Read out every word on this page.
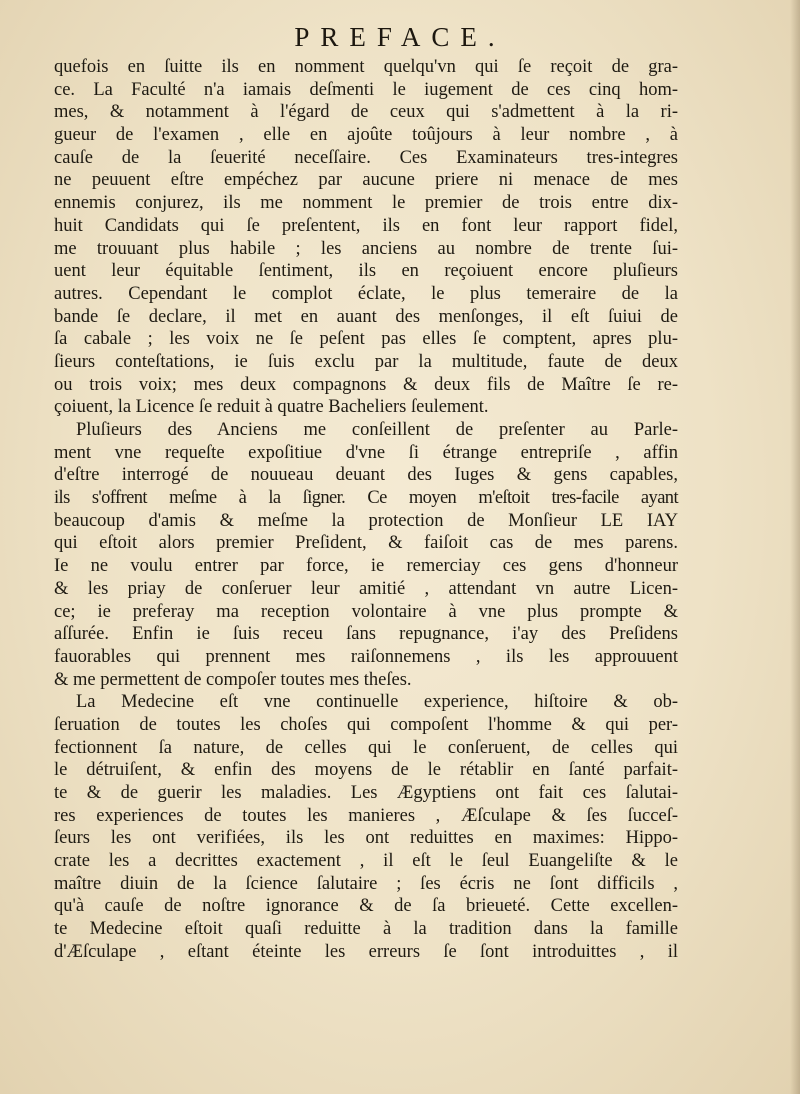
PREFACE.
quefois en ſuitte ils en nomment quelqu'vn qui ſe reçoit de gra-
ce. La Faculté n'a iamais deſmenti le iugement de ces cinq hom-
mes, & notamment à l'égard de ceux qui s'admettent à la ri-
gueur de l'examen , elle en ajoûte toûjours à leur nombre , à
cauſe de la ſeuerité neceſſaire. Ces Examinateurs tres-integres
ne peuuent eſtre empéchez par aucune priere ni menace de mes
ennemis conjurez, ils me nomment le premier de trois entre dix-
huit Candidats qui ſe preſentent, ils en font leur rapport fidel,
me trouuant plus habile ; les anciens au nombre de trente ſui-
uent leur équitable ſentiment, ils en reçoiuent encore pluſieurs
autres. Cependant le complot éclate, le plus temeraire de la
bande ſe declare, il met en auant des menſonges, il eſt ſuiui de
ſa cabale ; les voix ne ſe peſent pas elles ſe comptent, apres plu-
ſieurs conteſtations, ie ſuis exclu par la multitude, faute de deux
ou trois voix; mes deux compagnons & deux fils de Maître ſe re-
çoiuent, la Licence ſe reduit à quatre Bacheliers ſeulement.
Pluſieurs des Anciens me conſeillent de preſenter au Parle-
ment vne requeſte expoſitiue d'vne ſi étrange entrepriſe , affin
d'eſtre interrogé de nouueau deuant des Iuges & gens capables,
ils s'offrent meſme à la ſigner. Ce moyen m'eſtoit tres-facile ayant
beaucoup d'amis & meſme la protection de Monſieur LE IAY
qui eſtoit alors premier Preſident, & faiſoit cas de mes parens.
Ie ne voulu entrer par force, ie remerciay ces gens d'honneur
& les priay de conſeruer leur amitié , attendant vn autre Licen-
ce; ie preferay ma reception volontaire à vne plus prompte &
aſſurée. Enfin ie ſuis receu ſans repugnance, i'ay des Preſidens
fauorables qui prennent mes raiſonnemens , ils les approuuent
& me permettent de compoſer toutes mes theſes.
La Medecine eſt vne continuelle experience, hiſtoire & ob-
ſeruation de toutes les choſes qui compoſent l'homme & qui per-
fectionnent ſa nature, de celles qui le conſeruent, de celles qui
le détruiſent, & enfin des moyens de le rétablir en ſanté parfait-
te & de guerir les maladies. Les Ægyptiens ont fait ces ſalutai-
res experiences de toutes les manieres , Æſculape & ſes ſucceſ-
ſeurs les ont verifiées, ils les ont reduittes en maximes: Hippo-
crate les a decrittes exactement , il eſt le ſeul Euangeliſte & le
maître diuin de la ſcience ſalutaire ; ſes écris ne ſont difficils ,
qu'à cauſe de noſtre ignorance & de ſa brieueté. Cette excellen-
te Medecine eſtoit quaſi reduitte à la tradition dans la famille
d'Æſculape , eſtant éteinte les erreurs ſe ſont introduittes , il
